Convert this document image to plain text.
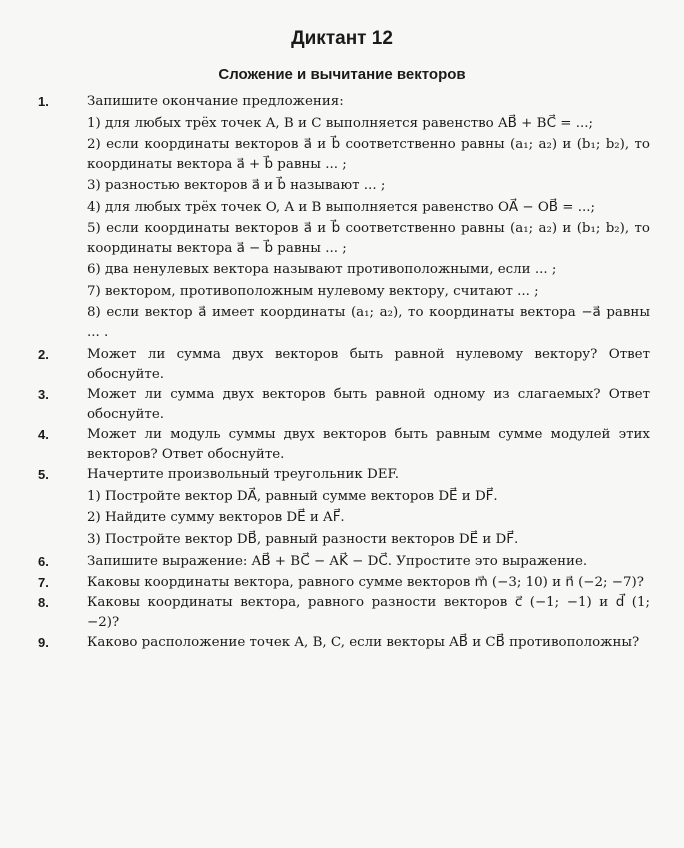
Диктант 12
Сложение и вычитание векторов
1.	Запишите окончание предложения:
1) для любых трёх точек A, B и C выполняется равенство AB⃗ + BC⃗ = ...;
2) если координаты векторов a⃗ и b⃗ соответственно равны (a₁; a₂) и (b₁; b₂), то координаты вектора a⃗ + b⃗ равны ... ;
3) разностью векторов a⃗ и b⃗ называют ... ;
4) для любых трёх точек O, A и B выполняется равенство OA⃗ − OB⃗ = ...;
5) если координаты векторов a⃗ и b⃗ соответственно равны (a₁; a₂) и (b₁; b₂), то координаты вектора a⃗ − b⃗ равны ... ;
6) два ненулевых вектора называют противоположными, если ... ;
7) вектором, противоположным нулевому вектору, считают ... ;
8) если вектор a⃗ имеет координаты (a₁; a₂), то координаты вектора −a⃗ равны ... .
2.	Может ли сумма двух векторов быть равной нулевому вектору? Ответ обоснуйте.

3.	Может ли сумма двух векторов быть равной одному из слагаемых? Ответ обоснуйте.

4.	Может ли модуль суммы двух векторов быть равным сумме модулей этих векторов? Ответ обоснуйте.

5.	Начертите произвольный треугольник DEF.
1) Постройте вектор DA⃗, равный сумме векторов DE⃗ и DF⃗.
2) Найдите сумму векторов DE⃗ и AF⃗.
3) Постройте вектор DB⃗, равный разности векторов DE⃗ и DF⃗.
6.	Запишите выражение: AB⃗ + BC⃗ − AK⃗ − DC⃗. Упростите это выражение.

7.	Каковы координаты вектора, равного сумме векторов m⃗ (−3; 10) и n⃗ (−2; −7)?

8.	Каковы координаты вектора, равного разности векторов c⃗ (−1; −1) и d⃗ (1; −2)?

9.	Каково расположение точек A, B, C, если векторы AB⃗ и CB⃗ противоположны?
